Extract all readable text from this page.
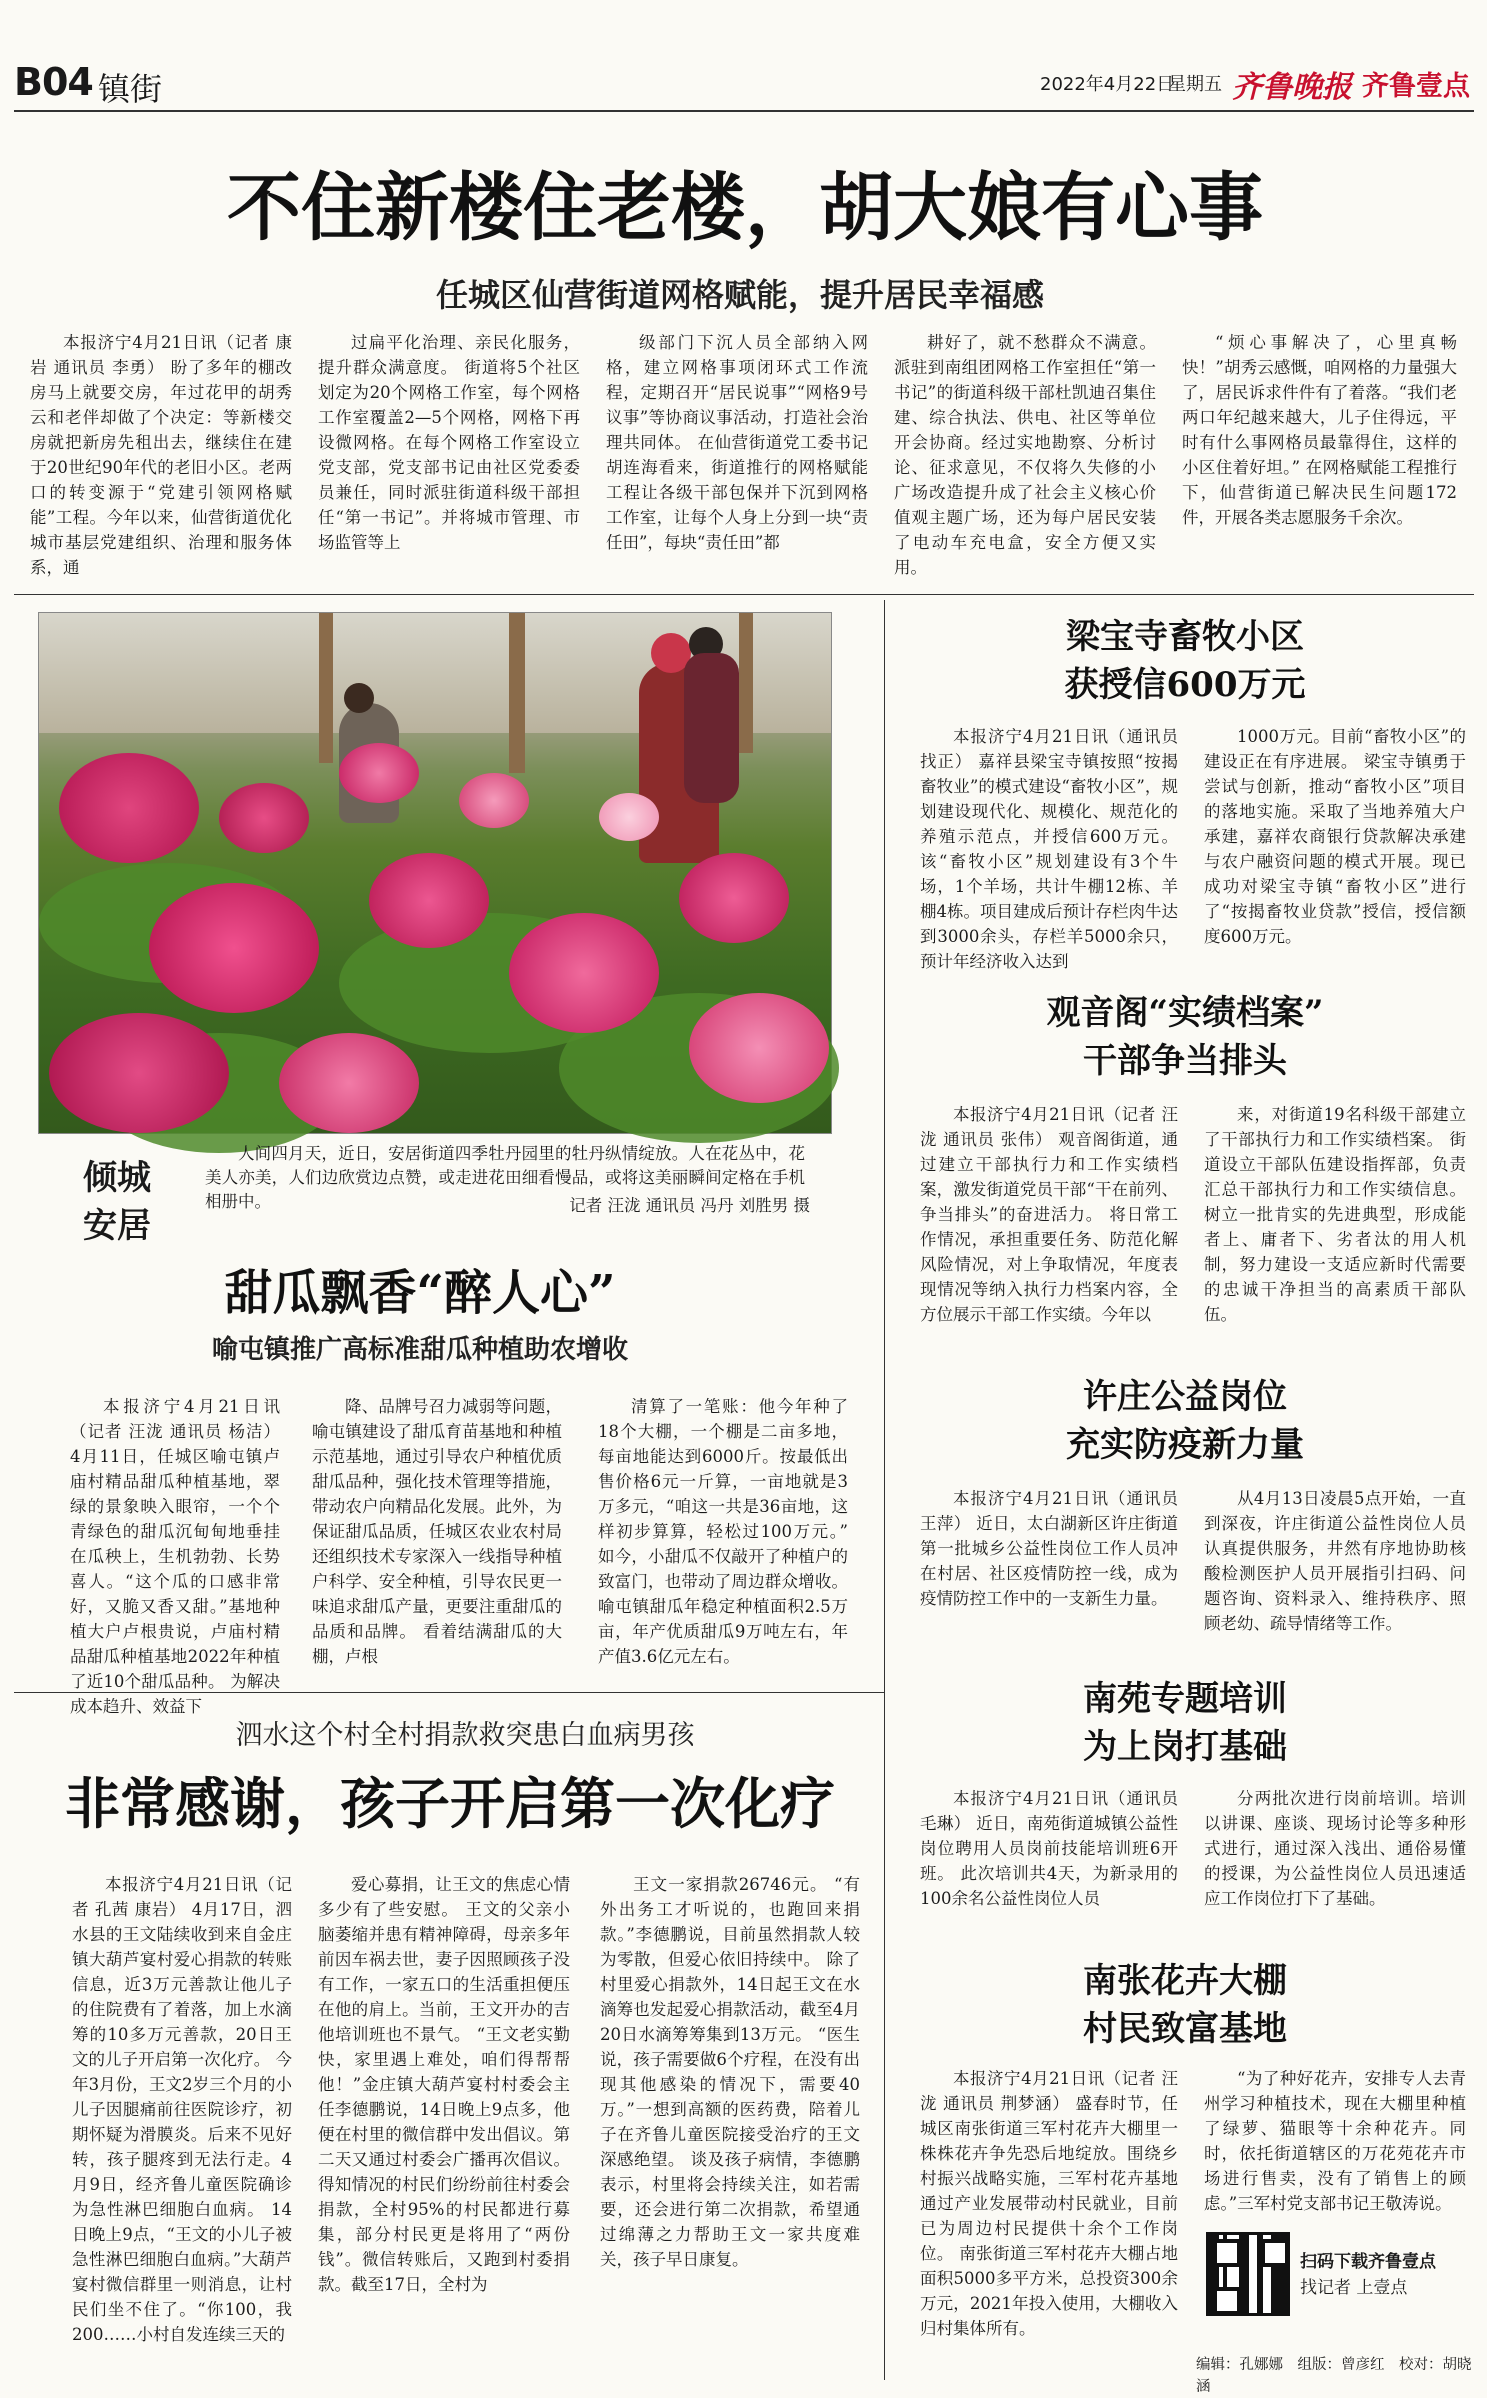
B04 镇街	2022年4月22日
星期五 齐鲁晚报 齐鲁壹点
不住新楼住老楼，胡大娘有心事
任城区仙营街道网格赋能，提升居民幸福感
本报济宁4月21日讯（记者 康岩 通讯员 李勇） 盼了多年的棚改房马上就要交房，年过花甲的胡秀云和老伴却做了个决定：等新楼交房就把新房先租出去，继续住在建于20世纪90年代的老旧小区。老两口的转变源于“党建引领网格赋能”工程。今年以来，仙营街道优化城市基层党建组织、治理和服务体系，通
过扁平化治理、亲民化服务，提升群众满意度。 街道将5个社区划定为20个网格工作室，每个网格工作室覆盖2—5个网格，网格下再设微网格。在每个网格工作室设立党支部，党支部书记由社区党委委员兼任，同时派驻街道科级干部担任“第一书记”。并将城市管理、市场监管等上
级部门下沉人员全部纳入网格，建立网格事项闭环式工作流程，定期召开“居民说事”“网格9号议事”等协商议事活动，打造社会治理共同体。 在仙营街道党工委书记胡连海看来，街道推行的网格赋能工程让各级干部包保并下沉到网格工作室，让每个人身上分到一块“责任田”，每块“责任田”都
耕好了，就不愁群众不满意。派驻到南组团网格工作室担任“第一书记”的街道科级干部杜凯迪召集住建、综合执法、供电、社区等单位开会协商。经过实地勘察、分析讨论、征求意见，不仅将久失修的小广场改造提升成了社会主义核心价值观主题广场，还为每户居民安装了电动车充电盒，安全方便又实用。
“烦心事解决了，心里真畅快！”胡秀云感慨，咱网格的力量强大了，居民诉求件件有了着落。“我们老两口年纪越来越大，儿子住得远，平时有什么事网格员最靠得住，这样的小区住着好坦。” 在网格赋能工程推行下，仙营街道已解决民生问题172件，开展各类志愿服务千余次。
倾城安居
人间四月天，近日，安居街道四季牡丹园里的牡丹纵情绽放。人在花丛中，花美人亦美，人们边欣赏边点赞，或走进花田细看慢品，或将这美丽瞬间定格在手机相册中。	记者 汪泷 通讯员 冯丹 刘胜男 摄
甜瓜飘香“醉人心”
喻屯镇推广高标准甜瓜种植助农增收
本报济宁4月21日讯（记者 汪泷 通讯员 杨洁） 4月11日，任城区喻屯镇卢庙村精品甜瓜种植基地，翠绿的景象映入眼帘，一个个青绿色的甜瓜沉甸甸地垂挂在瓜秧上，生机勃勃、长势喜人。“这个瓜的口感非常好，又脆又香又甜。”基地种植大户卢根贵说，卢庙村精品甜瓜种植基地2022年种植了近10个甜瓜品种。 为解决成本趋升、效益下
降、品牌号召力减弱等问题，喻屯镇建设了甜瓜育苗基地和种植示范基地，通过引导农户种植优质甜瓜品种，强化技术管理等措施，带动农户向精品化发展。此外，为保证甜瓜品质，任城区农业农村局还组织技术专家深入一线指导种植户科学、安全种植，引导农民更一味追求甜瓜产量，更要注重甜瓜的品质和品牌。 看着结满甜瓜的大棚，卢根
清算了一笔账：他今年种了18个大棚，一个棚是二亩多地，每亩地能达到6000斤。按最低出售价格6元一斤算，一亩地就是3万多元，“咱这一共是36亩地，这样初步算算，轻松过100万元。” 如今，小甜瓜不仅敲开了种植户的致富门，也带动了周边群众增收。喻屯镇甜瓜年稳定种植面积2.5万亩，年产优质甜瓜9万吨左右，年产值3.6亿元左右。
泗水这个村全村捐款救突患白血病男孩
非常感谢，孩子开启第一次化疗
本报济宁4月21日讯（记者 孔茜 康岩） 4月17日，泗水县的王文陆续收到来自金庄镇大葫芦宴村爱心捐款的转账信息，近3万元善款让他儿子的住院费有了着落，加上水滴筹的10多万元善款，20日王文的儿子开启第一次化疗。 今年3月份，王文2岁三个月的小儿子因腿痛前往医院诊疗，初期怀疑为滑膜炎。后来不见好转，孩子腿疼到无法行走。4月9日，经齐鲁儿童医院确诊为急性淋巴细胞白血病。 14日晚上9点，“王文的小儿子被急性淋巴细胞白血病。”大葫芦宴村微信群里一则消息，让村民们坐不住了。“你100，我200……小村自发连续三天的
爱心募捐，让王文的焦虑心情多少有了些安慰。 王文的父亲小脑萎缩并患有精神障碍，母亲多年前因车祸去世，妻子因照顾孩子没有工作，一家五口的生活重担便压在他的肩上。当前，王文开办的吉他培训班也不景气。 “王文老实勤快，家里遇上难处，咱们得帮帮他！”金庄镇大葫芦宴村村委会主任李德鹏说，14日晚上9点多，他便在村里的微信群中发出倡议。第二天又通过村委会广播再次倡议。 得知情况的村民们纷纷前往村委会捐款，全村95%的村民都进行募集，部分村民更是将用了“两份钱”。微信转账后，又跑到村委捐款。截至17日，全村为
王文一家捐款26746元。 “有外出务工才听说的，也跑回来捐款。”李德鹏说，目前虽然捐款人较为零散，但爱心依旧持续中。 除了村里爱心捐款外，14日起王文在水滴筹也发起爱心捐款活动，截至4月20日水滴筹筹集到13万元。 “医生说，孩子需要做6个疗程，在没有出现其他感染的情况下，需要40万。”一想到高额的医药费，陪着儿子在齐鲁儿童医院接受治疗的王文深感绝望。 谈及孩子病情，李德鹏表示，村里将会持续关注，如若需要，还会进行第二次捐款，希望通过绵薄之力帮助王文一家共度难关，孩子早日康复。
梁宝寺畜牧小区
获授信600万元
本报济宁4月21日讯（通讯员 找正） 嘉祥县梁宝寺镇按照“按揭畜牧业”的模式建设“畜牧小区”，规划建设现代化、规模化、规范化的养殖示范点，并授信600万元。 该“畜牧小区”规划建设有3个牛场，1个羊场，共计牛棚12栋、羊棚4栋。项目建成后预计存栏肉牛达到3000余头，存栏羊5000余只，预计年经济收入达到
1000万元。目前“畜牧小区”的建设正在有序进展。 梁宝寺镇勇于尝试与创新，推动“畜牧小区”项目的落地实施。采取了当地养殖大户承建，嘉祥农商银行贷款解决承建与农户融资问题的模式开展。现已成功对梁宝寺镇“畜牧小区”进行了“按揭畜牧业贷款”授信，授信额度600万元。
观音阁“实绩档案”
干部争当排头
本报济宁4月21日讯（记者 汪泷 通讯员 张伟） 观音阁街道，通过建立干部执行力和工作实绩档案，激发街道党员干部“干在前列、争当排头”的奋进活力。 将日常工作情况，承担重要任务、防范化解风险情况，对上争取情况，年度表现情况等纳入执行力档案内容，全方位展示干部工作实绩。今年以
来，对街道19名科级干部建立了干部执行力和工作实绩档案。 街道设立干部队伍建设指挥部，负责汇总干部执行力和工作实绩信息。 树立一批肯实的先进典型，形成能者上、庸者下、劣者汰的用人机制，努力建设一支适应新时代需要的忠诚干净担当的高素质干部队伍。
许庄公益岗位
充实防疫新力量
本报济宁4月21日讯（通讯员 王萍） 近日，太白湖新区许庄街道第一批城乡公益性岗位工作人员冲在村居、社区疫情防控一线，成为疫情防控工作中的一支新生力量。
从4月13日凌晨5点开始，一直到深夜，许庄街道公益性岗位人员认真提供服务，井然有序地协助核酸检测医护人员开展指引扫码、问题咨询、资料录入、维持秩序、照顾老幼、疏导情绪等工作。
南苑专题培训
为上岗打基础
本报济宁4月21日讯（通讯员 毛琳） 近日，南苑街道城镇公益性岗位聘用人员岗前技能培训班6开班。 此次培训共4天，为新录用的100余名公益性岗位人员
分两批次进行岗前培训。培训以讲课、座谈、现场讨论等多种形式进行，通过深入浅出、通俗易懂的授课，为公益性岗位人员迅速适应工作岗位打下了基础。
南张花卉大棚
村民致富基地
本报济宁4月21日讯（记者 汪泷 通讯员 荆梦涵） 盛春时节，任城区南张街道三军村花卉大棚里一株株花卉争先恐后地绽放。围绕乡村振兴战略实施，三军村花卉基地通过产业发展带动村民就业，目前已为周边村民提供十余个工作岗位。 南张街道三军村花卉大棚占地面积5000多平方米，总投资300余万元，2021年投入使用，大棚收入归村集体所有。
“为了种好花卉，安排专人去青州学习种植技术，现在大棚里种植了绿萝、猫眼等十余种花卉。同时，依托街道辖区的万花苑花卉市场进行售卖，没有了销售上的顾虑。”三军村党支部书记王敬涛说。
扫码下载齐鲁壹点
找记者 上壹点
编辑：孔娜娜　组版：曾彦红　校对：胡晓涵
